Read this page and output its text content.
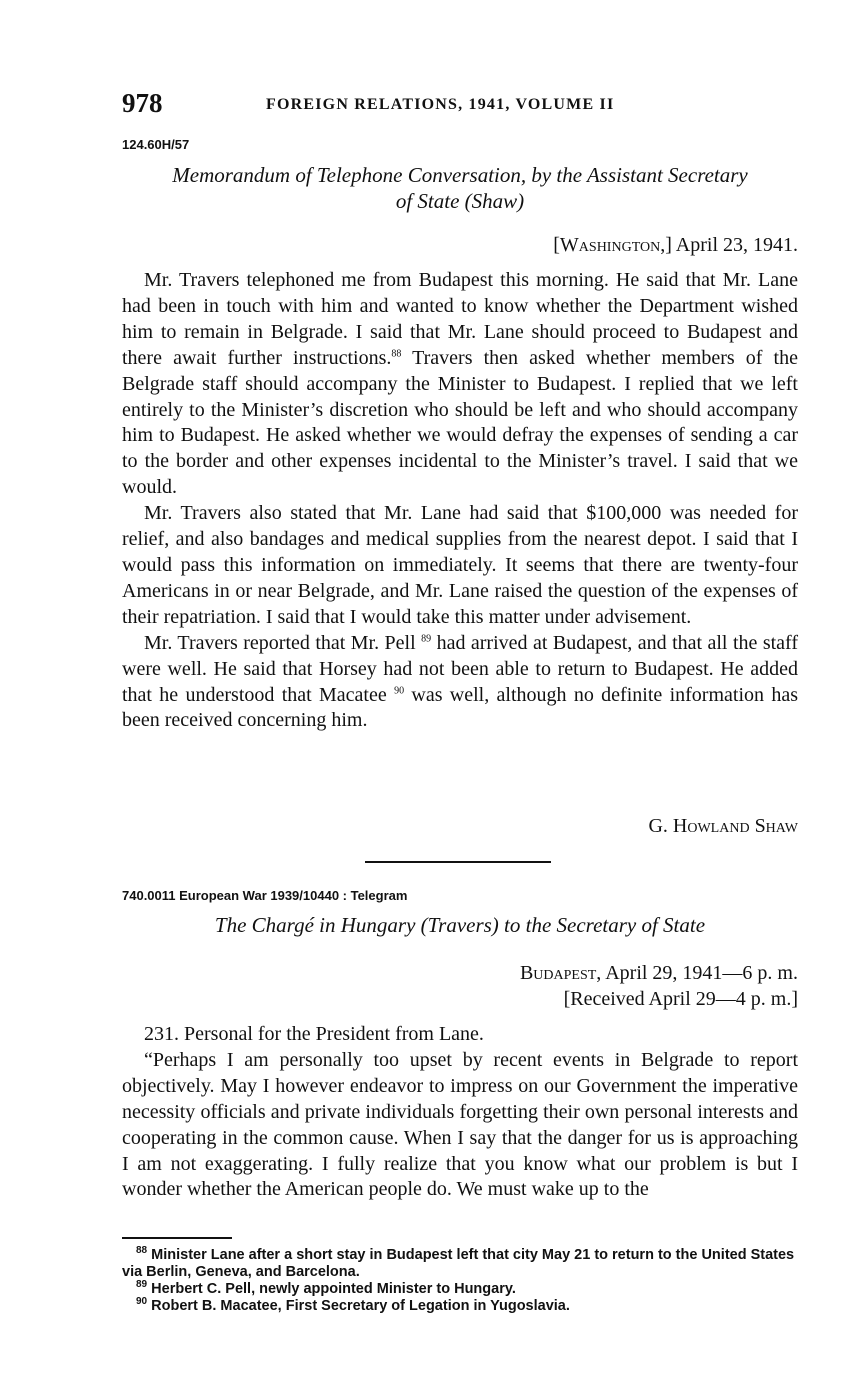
978	FOREIGN RELATIONS, 1941, VOLUME II
124.60H/57
Memorandum of Telephone Conversation, by the Assistant Secretary
of State (Shaw)
[Washington,] April 23, 1941.

Mr. Travers telephoned me from Budapest this morning. He said that Mr. Lane had been in touch with him and wanted to know whether the Department wished him to remain in Belgrade. I said that Mr. Lane should proceed to Budapest and there await further instructions.$^{88}$ Travers then asked whether members of the Belgrade staff should accompany the Minister to Budapest. I replied that we left entirely to the Minister’s discretion who should be left and who should accompany him to Budapest. He asked whether we would defray the expenses of sending a car to the border and other expenses incidental to the Minister’s travel. I said that we would.

Mr. Travers also stated that Mr. Lane had said that $100,000 was needed for relief, and also bandages and medical supplies from the nearest depot. I said that I would pass this information on immediately. It seems that there are twenty-four Americans in or near Belgrade, and Mr. Lane raised the question of the expenses of their repatriation. I said that I would take this matter under advisement.

Mr. Travers reported that Mr. Pell $^{89}$ had arrived at Budapest, and that all the staff were well. He said that Horsey had not been able to return to Budapest. He added that he understood that Macatee $^{90}$ was well, although no definite information has been received concerning him.

G. Howland Shaw
740.0011 European War 1939/10440 : Telegram
The Chargé in Hungary (Travers) to the Secretary of State
Budapest, April 29, 1941—6 p. m.
[Received April 29—4 p. m.]

231. Personal for the President from Lane.

“Perhaps I am personally too upset by recent events in Belgrade to report objectively. May I however endeavor to impress on our Government the imperative necessity officials and private individuals forgetting their own personal interests and cooperating in the common cause. When I say that the danger for us is approaching I am not exaggerating. I fully realize that you know what our problem is but I wonder whether the American people do. We must wake up to the

$^{88}$ Minister Lane after a short stay in Budapest left that city May 21 to return to the United States via Berlin, Geneva, and Barcelona.

$^{89}$ Herbert C. Pell, newly appointed Minister to Hungary.

$^{90}$ Robert B. Macatee, First Secretary of Legation in Yugoslavia.
